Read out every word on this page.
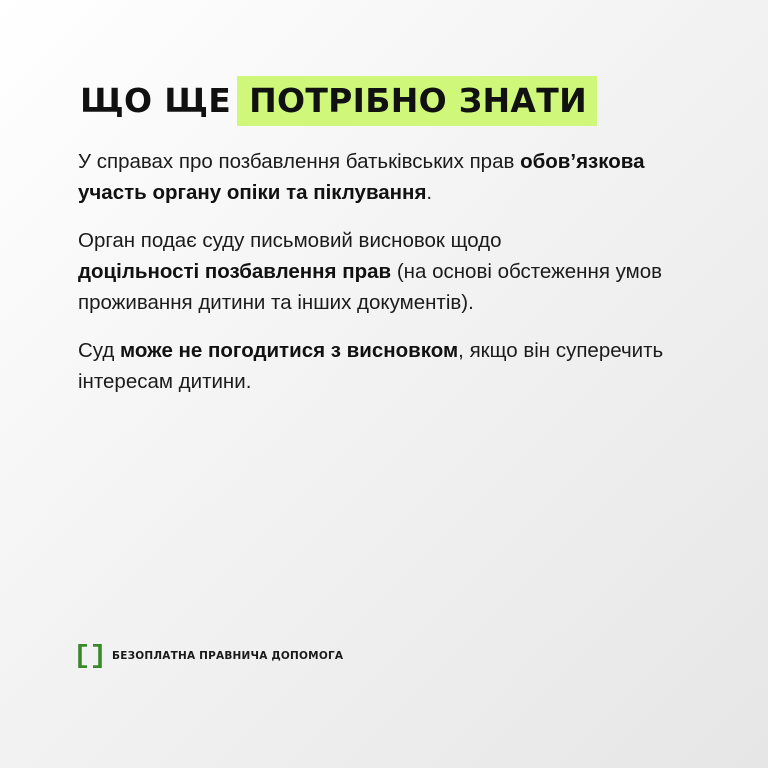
ЩО ЩЕ ПОТРІБНО ЗНАТИ

У справах про позбавлення батьківських прав обов’язкова участь органу опіки та піклування.

Орган подає суду письмовий висновок щодо
доцільності позбавлення прав (на основі обстеження умов проживання дитини та інших документів).

Суд може не погодитися з висновком, якщо він суперечить інтересам дитини.

БЕЗОПЛАТНА ПРАВНИЧА ДОПОМОГА
